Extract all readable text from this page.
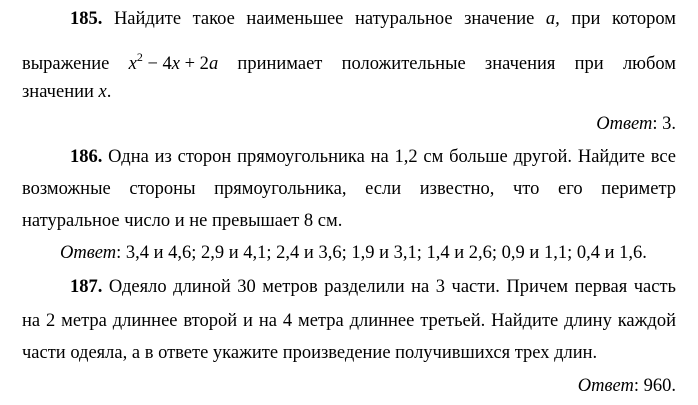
185. Найдите такое наименьшее натуральное значение a, при котором
выражение $x^2 - 4x + 2a$ принимает положительные значения при любом
значении x.
Ответ: 3.
186. Одна из сторон прямоугольника на 1,2 см больше другой. Найдите все
возможные стороны прямоугольника, если известно, что его периметр
натуральное число и не превышает 8 см.
Ответ: 3,4 и 4,6; 2,9 и 4,1; 2,4 и 3,6; 1,9 и 3,1; 1,4 и 2,6; 0,9 и 1,1; 0,4 и 1,6.
187. Одеяло длиной 30 метров разделили на 3 части. Причем первая часть
на 2 метра длиннее второй и на 4 метра длиннее третьей. Найдите длину каждой
части одеяла, а в ответе укажите произведение получившихся трех длин.
Ответ: 960.
